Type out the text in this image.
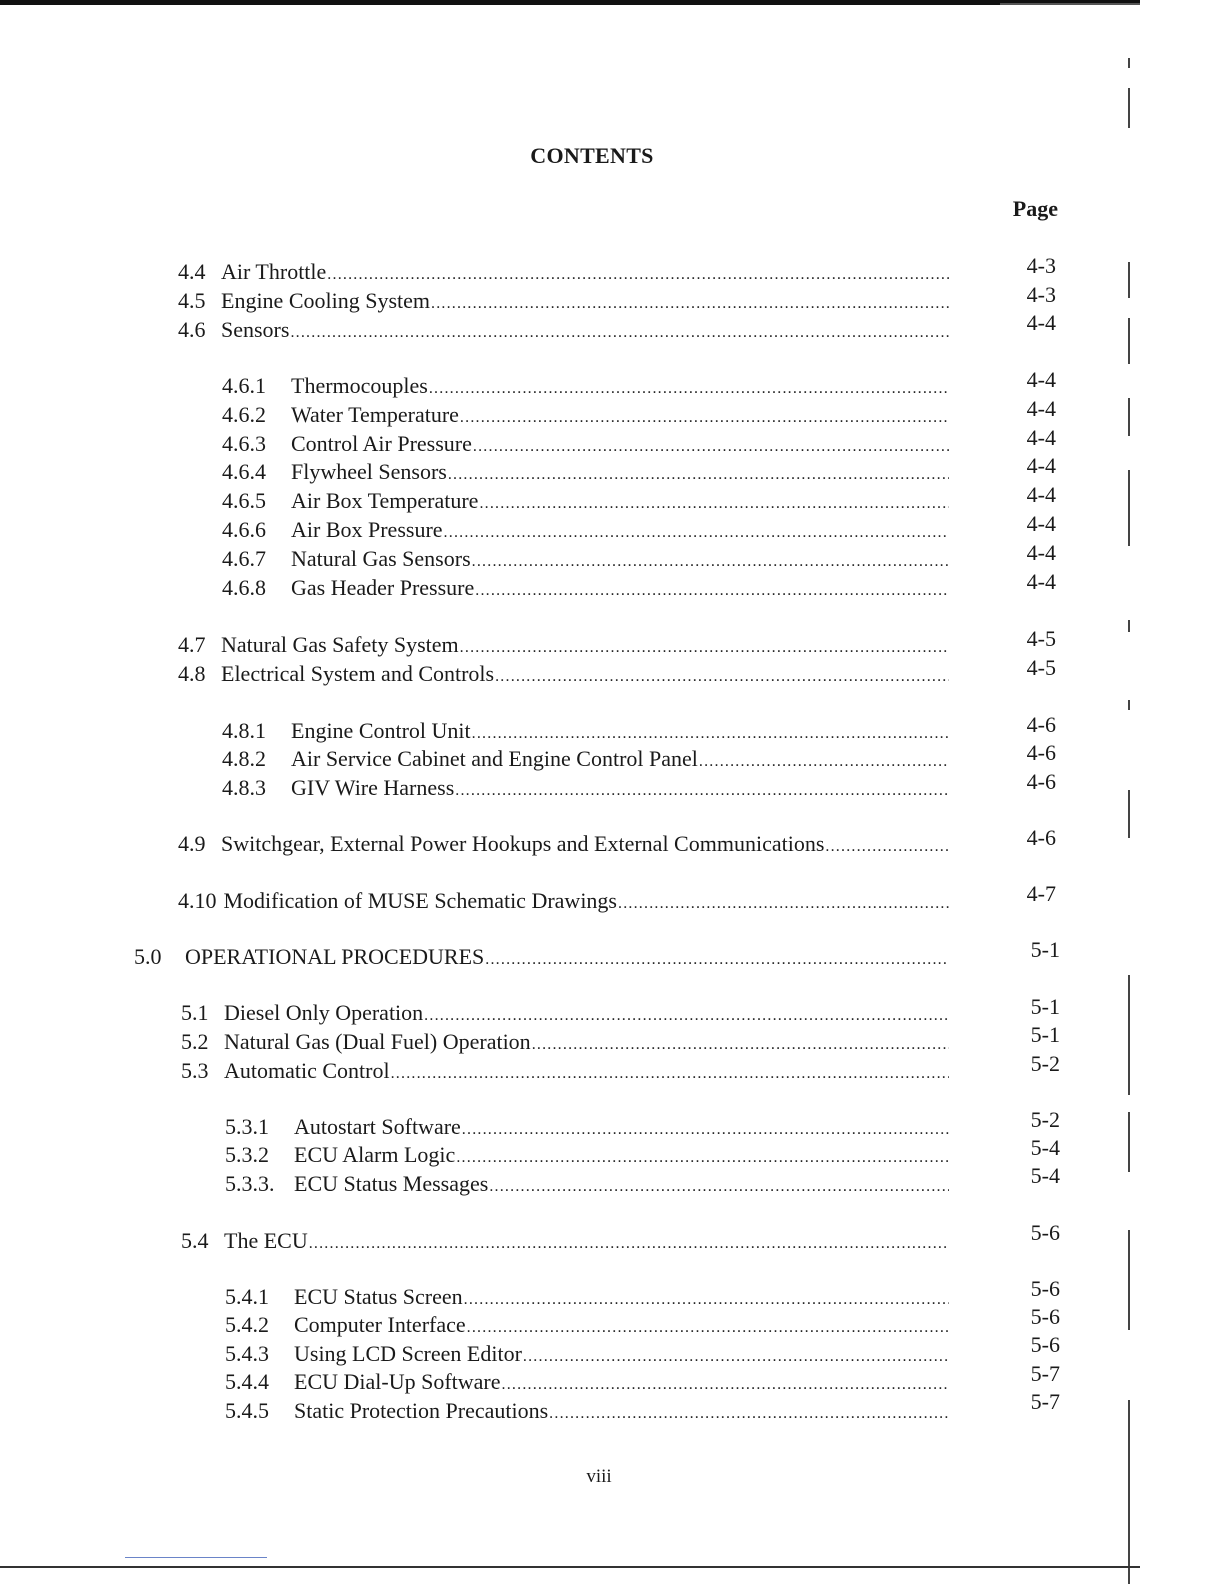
CONTENTS
Page
4.4 Air Throttle .....	4-3
4.5 Engine Cooling System .....	4-3
4.6 Sensors .....	4-4
4.6.1	Thermocouples .....	4-4
4.6.2	Water Temperature .....	4-4
4.6.3	Control Air Pressure .....	4-4
4.6.4	Flywheel Sensors .....	4-4
4.6.5	Air Box Temperature .....	4-4
4.6.6	Air Box Pressure .....	4-4
4.6.7	Natural Gas Sensors .....	4-4
4.6.8	Gas Header Pressure .....	4-4
4.7 Natural Gas Safety System .....	4-5
4.8 Electrical System and Controls .....	4-5
4.8.1	Engine Control Unit .....	4-6
4.8.2	Air Service Cabinet and Engine Control Panel .....	4-6
4.8.3	GIV Wire Harness .....	4-6
4.9 Switchgear, External Power Hookups and External Communications .....	4-6
4.10 Modification of MUSE Schematic Drawings .....	4-7
5.0	OPERATIONAL PROCEDURES .....	5-1
5.1 Diesel Only Operation .....	5-1
5.2 Natural Gas (Dual Fuel) Operation .....	5-1
5.3 Automatic Control .....	5-2
5.3.1	Autostart Software .....	5-2
5.3.2	ECU Alarm Logic .....	5-4
5.3.3. ECU Status Messages .....	5-4
5.4 The ECU .....	5-6
5.4.1	ECU Status Screen .....	5-6
5.4.2	Computer Interface .....	5-6
5.4.3	Using LCD Screen Editor .....	5-6
5.4.4	ECU Dial-Up Software .....	5-7
5.4.5	Static Protection Precautions .....	5-7
viii
